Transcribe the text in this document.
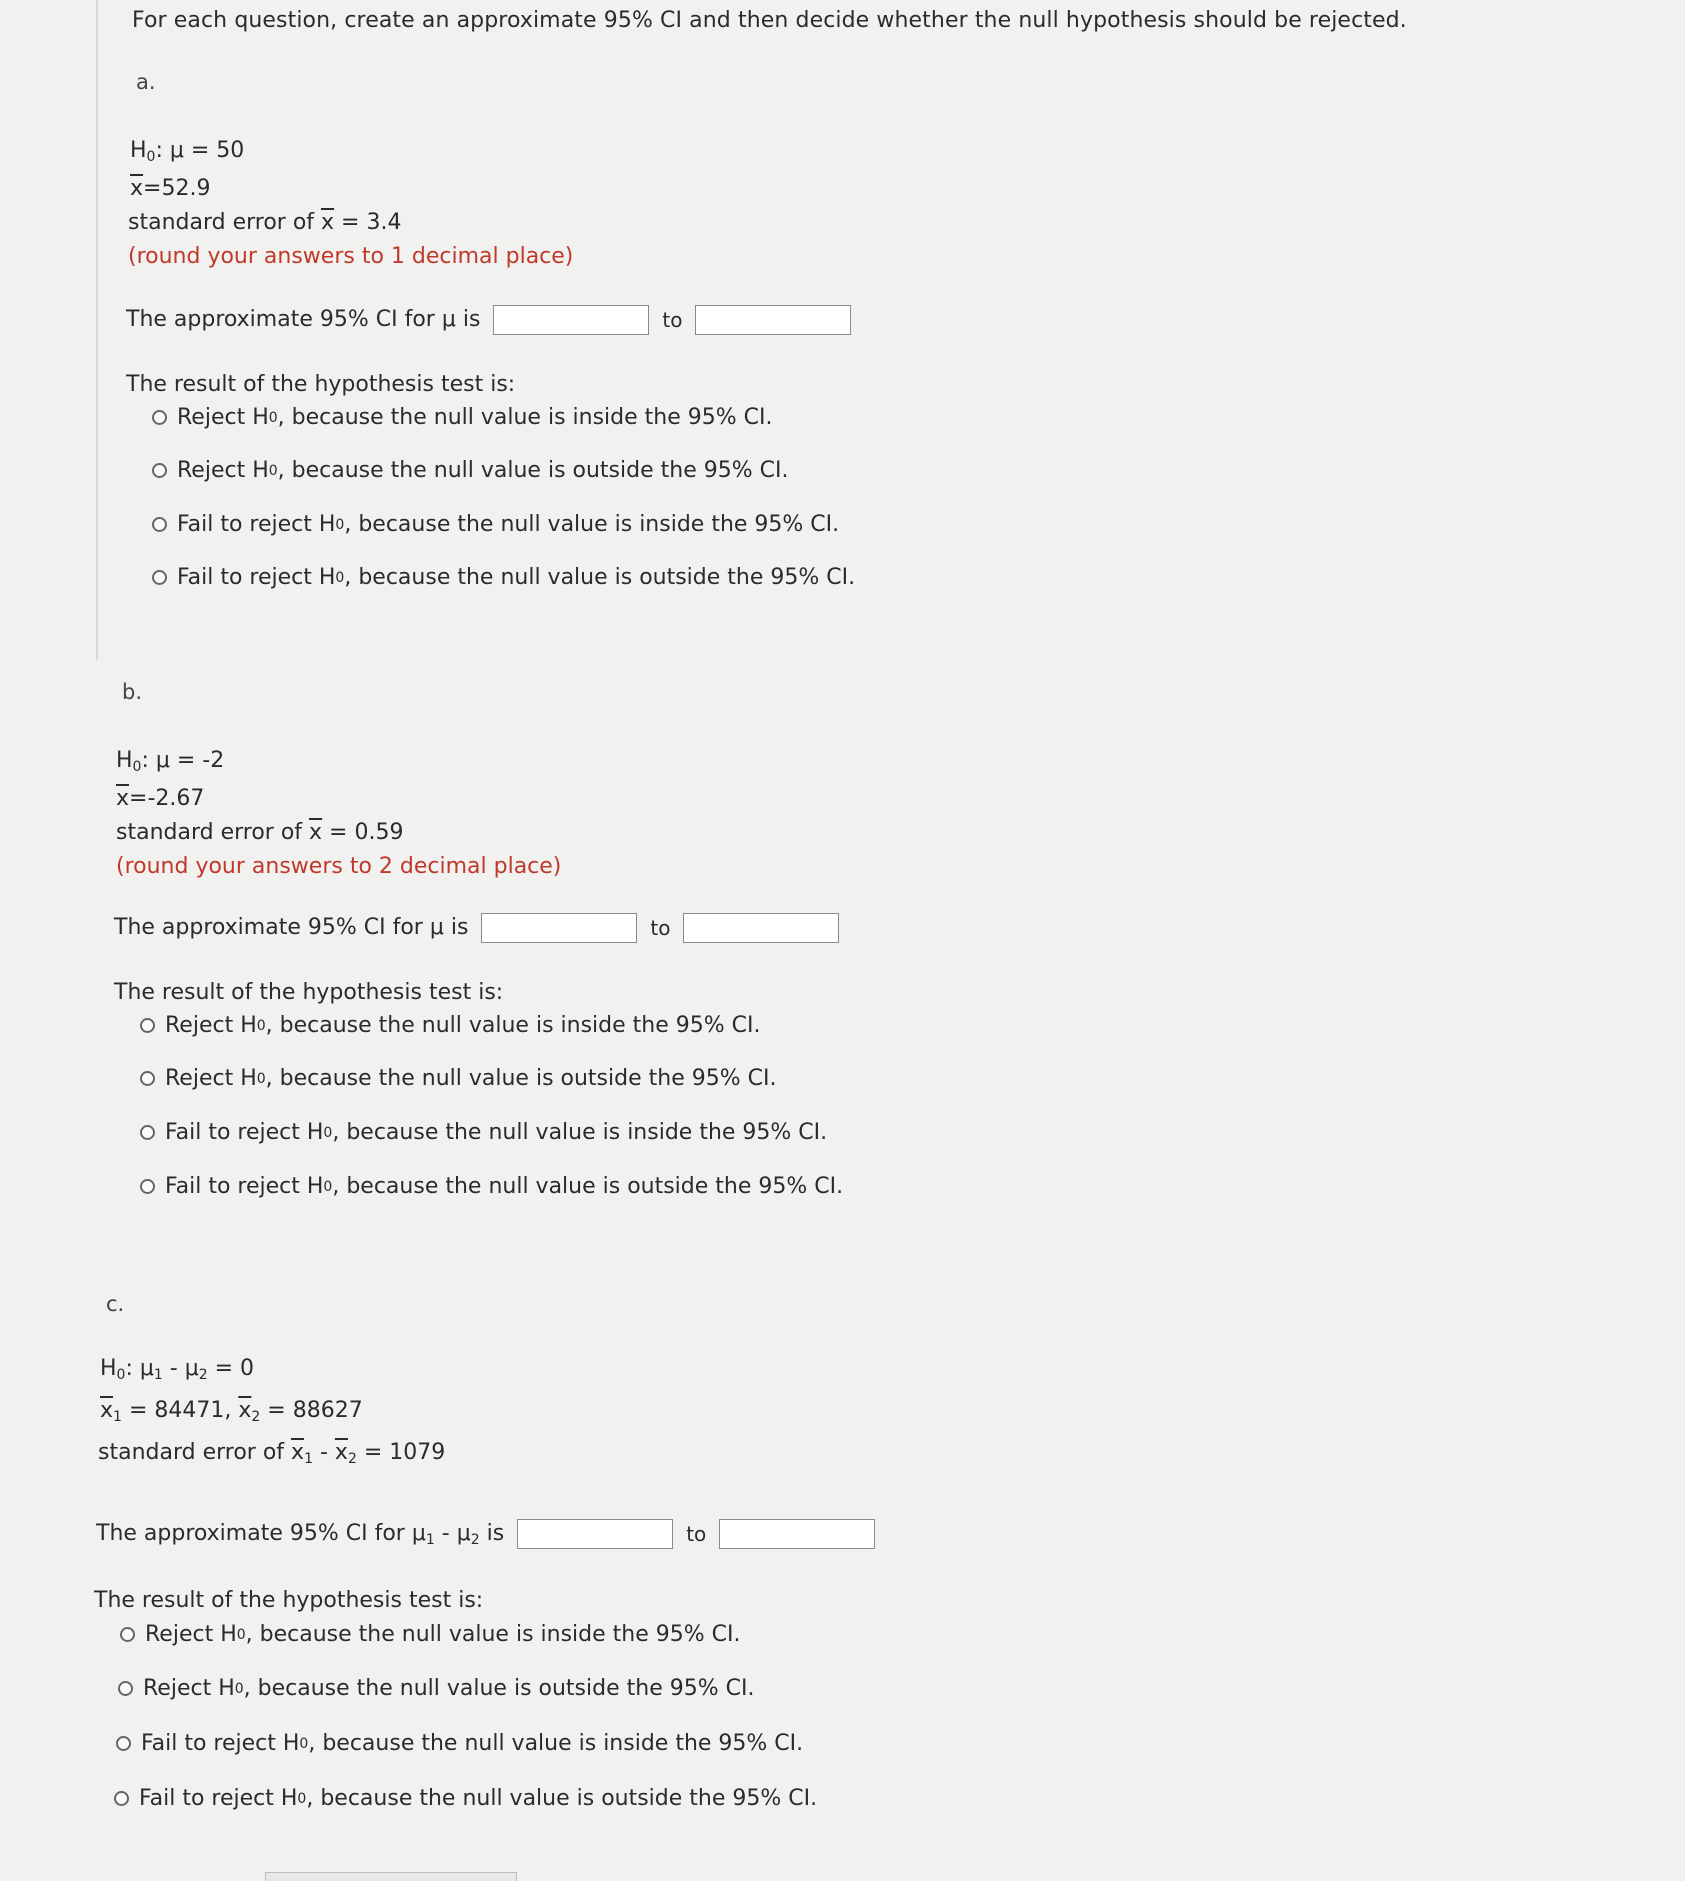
For each question, create an approximate 95% CI and then decide whether the null hypothesis should be rejected.
a.
$H_0$: μ = 50
$\overline{x}=52.9$
standard error of $\overline{x} = 3.4$
(round your answers to 1 decimal place)
The approximate 95% CI for μ is	to
The result of the hypothesis test is:
Reject H 0 , because the null value is inside the 95% CI.
Reject H 0 , because the null value is outside the 95% CI.
Fail to reject H 0 , because the null value is inside the 95% CI.
Fail to reject H 0 , because the null value is outside the 95% CI.
b.
$H_0$: μ = -2
$\overline{x}=-2.67$
standard error of $\overline{x} = 0.59$
(round your answers to 2 decimal place)
The approximate 95% CI for μ is	to
The result of the hypothesis test is:
Reject H 0 , because the null value is inside the 95% CI.
Reject H 0 , because the null value is outside the 95% CI.
Fail to reject H 0 , because the null value is inside the 95% CI.
Fail to reject H 0 , because the null value is outside the 95% CI.
c.
$H_0$: $\mu_1 - \mu_2 = 0$
$\overline{x}_1 = 84471$, $\overline{x}_2 = 88627$
standard error of $\overline{x}_1 - \overline{x}_2 = 1079$
The approximate 95% CI for $\mu_1 - \mu_2$ is	to
The result of the hypothesis test is:
Reject H 0 , because the null value is inside the 95% CI.
Reject H 0 , because the null value is outside the 95% CI.
Fail to reject H 0 , because the null value is inside the 95% CI.
Fail to reject H 0 , because the null value is outside the 95% CI.
